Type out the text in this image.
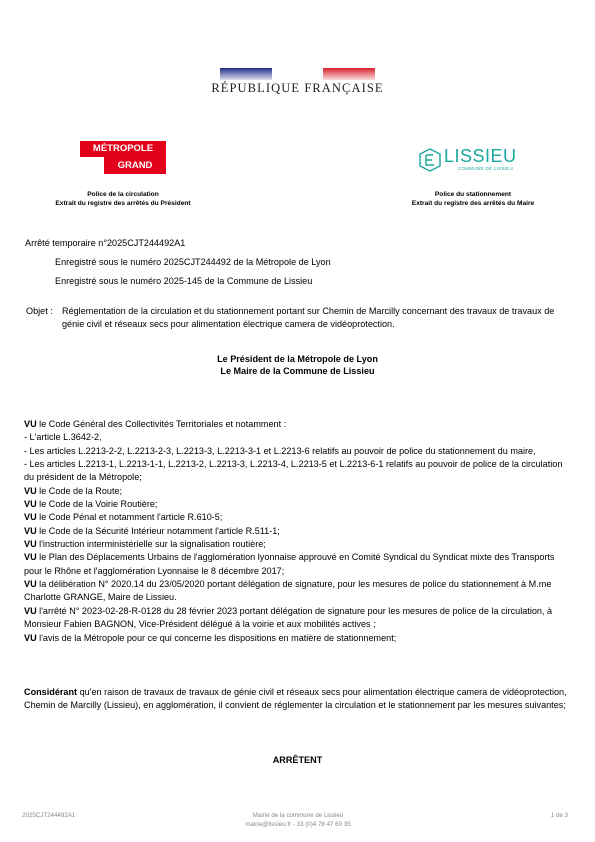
RÉPUBLIQUE FRANÇAISE
MÉTROPOLE
GRAND LYON
LISSIEU
COMMUNE DE LISSIEU
Police de la circulation
Extrait du registre des arrêtés du Président
Police du stationnement
Extrait du registre des arrêtés du Maire
Arrêté temporaire n°2025CJT244492A1
Enregistré sous le numéro 2025CJT244492 de la Métropole de Lyon
Enregistré sous le numéro 2025-145 de la Commune de Lissieu
Objet : Réglementation de la circulation et du stationnement portant sur Chemin de Marcilly concernant des travaux de travaux de génie civil et réseaux secs pour alimentation électrique camera de vidéoprotection.
Le Président de la Métropole de Lyon
Le Maire de la Commune de Lissieu
VU le Code Général des Collectivités Territoriales et notamment :
- L'article L.3642-2,
- Les articles L.2213-2-2, L.2213-2-3, L.2213-3, L.2213-3-1 et L.2213-6 relatifs au pouvoir de police du stationnement du maire,
- Les articles L.2213-1, L.2213-1-1, L.2213-2, L.2213-3, L.2213-4, L.2213-5 et L.2213-6-1 relatifs au pouvoir de police de la circulation du président de la Métropole;
VU le Code de la Route;
VU le Code de la Voirie Routière;
VU le Code Pénal et notamment l'article R.610-5;
VU le Code de la Sécurité Intérieur notamment l'article R.511-1;
VU l'instruction interministérielle sur la signalisation routière;
VU le Plan des Déplacements Urbains de l'agglomération lyonnaise approuvé en Comité Syndical du Syndicat mixte des Transports pour le Rhône et l'agglomération Lyonnaise le 8 décembre 2017;
VU la délibération N° 2020.14 du 23/05/2020 portant délégation de signature, pour les mesures de police du stationnement à M.me Charlotte GRANGE, Maire de Lissieu.
VU l'arrêté N° 2023-02-28-R-0128 du 28 février 2023 portant délégation de signature pour les mesures de police de la circulation, à Monsieur Fabien BAGNON, Vice-Président délégué à la voirie et aux mobilités actives ;
VU l'avis de la Métropole pour ce qui concerne les dispositions en matière de stationnement;
Considérant qu'en raison de travaux de travaux de génie civil et réseaux secs pour alimentation électrique camera de vidéoprotection, Chemin de Marcilly (Lissieu), en agglomération, il convient de réglementer la circulation et le stationnement par les mesures suivantes;
ARRÊTENT
2025CJT244492A1	Mairie de la commune de Lissieu
mairie@lissieu.fr - 33 (0)4 78 47 60 35
1 de 3
